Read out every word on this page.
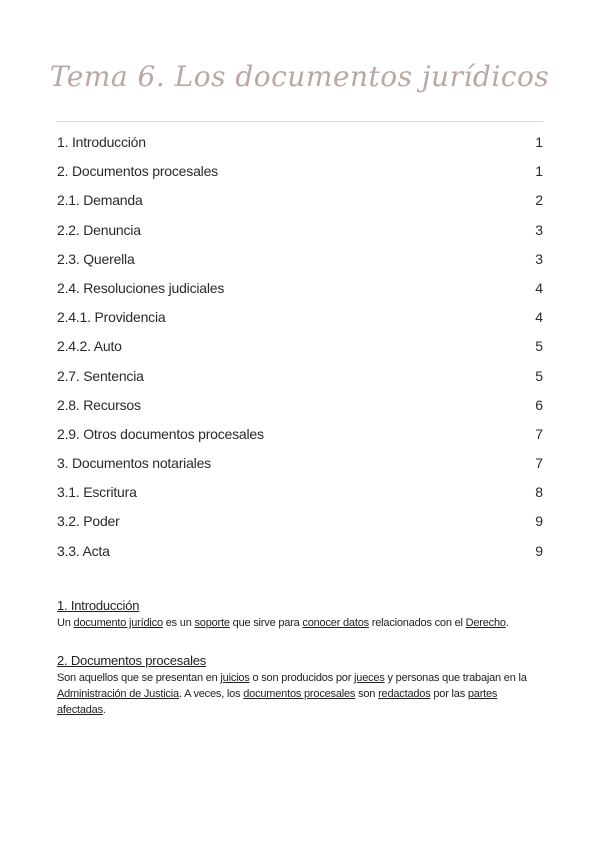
Tema 6. Los documentos jurídicos
1. Introducción	1
2. Documentos procesales	1
2.1. Demanda	2
2.2. Denuncia	3
2.3. Querella	3
2.4. Resoluciones judiciales	4
2.4.1. Providencia	4
2.4.2. Auto	5
2.7. Sentencia	5
2.8. Recursos	6
2.9. Otros documentos procesales	7
3. Documentos notariales	7
3.1. Escritura	8
3.2. Poder	9
3.3. Acta	9
1. Introducción
Un documento jurídico es un soporte que sirve para conocer datos relacionados con el Derecho.
2. Documentos procesales
Son aquellos que se presentan en juicios o son producidos por jueces y personas que trabajan en la Administración de Justicia. A veces, los documentos procesales son redactados por las partes afectadas.
